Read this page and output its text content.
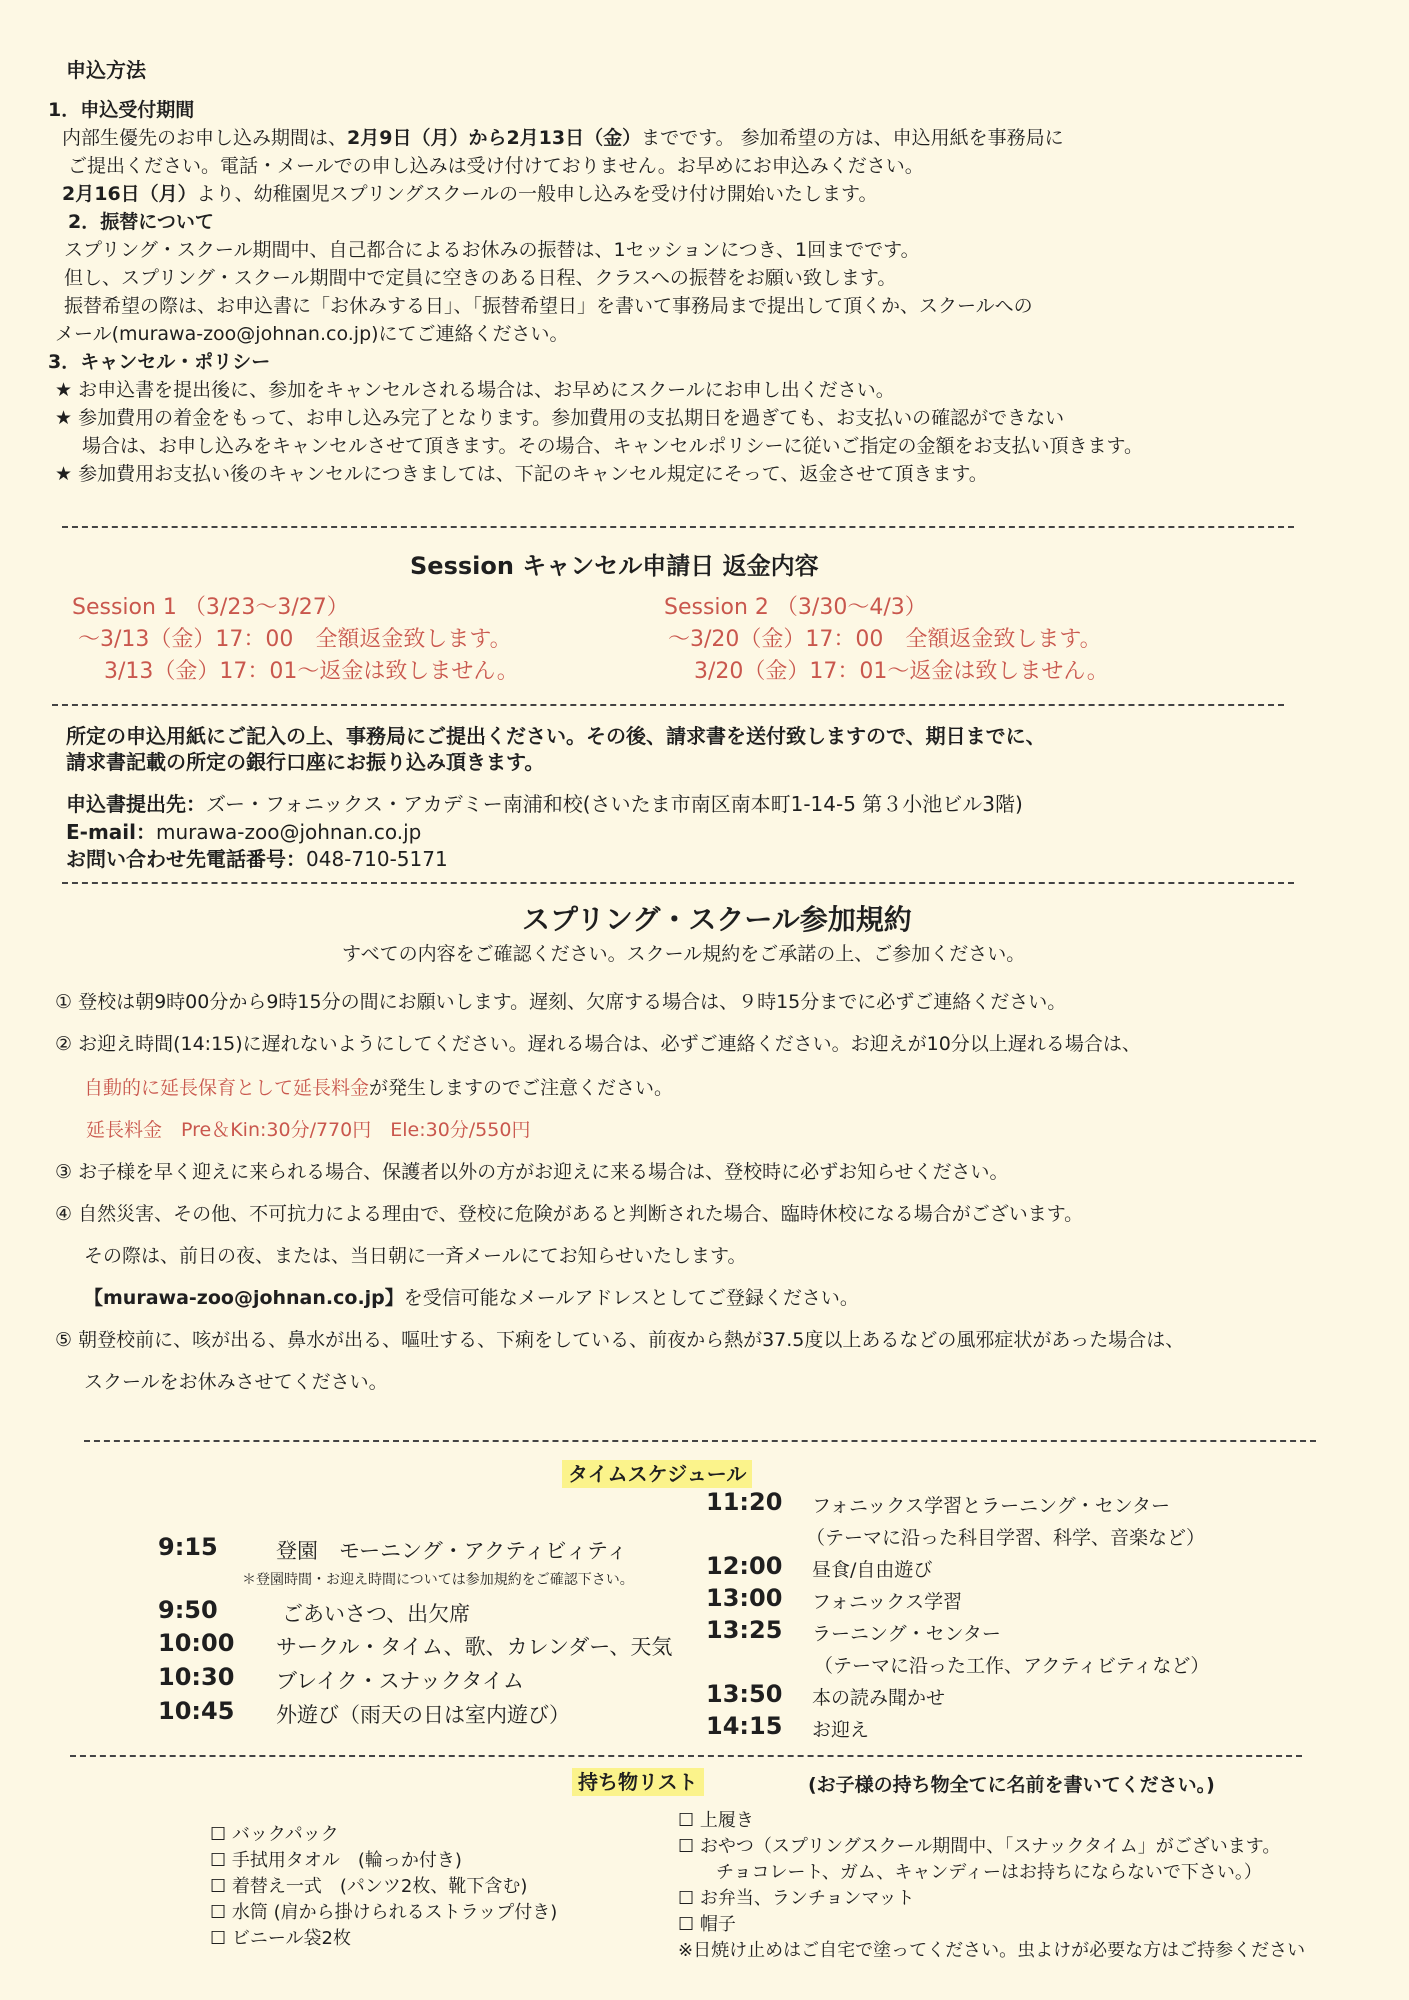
申込方法
1．申込受付期間
内部生優先のお申し込み期間は、2月9日（月）から2月13日（金）までです。 参加希望の方は、申込用紙を事務局に
ご提出ください。電話・メールでの申し込みは受け付けておりません。お早めにお申込みください。
2月16日（月）より、幼稚園児スプリングスクールの一般申し込みを受け付け開始いたします。
2．振替について
スプリング・スクール期間中、自己都合によるお休みの振替は、1セッションにつき、1回までです。
但し、スプリング・スクール期間中で定員に空きのある日程、クラスへの振替をお願い致します。
振替希望の際は、お申込書に「お休みする日」、「振替希望日」を書いて事務局まで提出して頂くか、スクールへの
メール(murawa-zoo@johnan.co.jp)にてご連絡ください。
3．キャンセル・ポリシー
★ お申込書を提出後に、参加をキャンセルされる場合は、お早めにスクールにお申し出ください。
★ 参加費用の着金をもって、お申し込み完了となります。参加費用の支払期日を過ぎても、お支払いの確認ができない
場合は、お申し込みをキャンセルさせて頂きます。その場合、キャンセルポリシーに従いご指定の金額をお支払い頂きます。
★ 参加費用お支払い後のキャンセルにつきましては、下記のキャンセル規定にそって、返金させて頂きます。
Session キャンセル申請日 返金内容
Session 1 （3/23〜3/27）
〜3/13（金）17：00　全額返金致します。
3/13（金）17：01〜返金は致しません。
Session 2 （3/30〜4/3）
〜3/20（金）17：00　全額返金致します。
3/20（金）17：01〜返金は致しません。
所定の申込用紙にご記入の上、事務局にご提出ください。その後、請求書を送付致しますので、期日までに、
請求書記載の所定の銀行口座にお振り込み頂きます。
申込書提出先：ズー・フォニックス・アカデミー南浦和校(さいたま市南区南本町1-14-5 第３小池ビル3階)
E-mail：murawa-zoo@johnan.co.jp
お問い合わせ先電話番号：048-710-5171
スプリング・スクール参加規約
すべての内容をご確認ください。スクール規約をご承諾の上、ご参加ください。
① 登校は朝9時00分から9時15分の間にお願いします。遅刻、欠席する場合は、９時15分までに必ずご連絡ください。
② お迎え時間(14:15)に遅れないようにしてください。遅れる場合は、必ずご連絡ください。お迎えが10分以上遅れる場合は、
自動的に延長保育として延長料金が発生しますのでご注意ください。
延長料金　Pre＆Kin:30分/770円　Ele:30分/550円
③ お子様を早く迎えに来られる場合、保護者以外の方がお迎えに来る場合は、登校時に必ずお知らせください。
④ 自然災害、その他、不可抗力による理由で、登校に危険があると判断された場合、臨時休校になる場合がございます。
その際は、前日の夜、または、当日朝に一斉メールにてお知らせいたします。
【murawa-zoo@johnan.co.jp】を受信可能なメールアドレスとしてご登録ください。
⑤ 朝登校前に、咳が出る、鼻水が出る、嘔吐する、下痢をしている、前夜から熱が37.5度以上あるなどの風邪症状があった場合は、
スクールをお休みさせてください。
タイムスケジュール
9:15	登園　モーニング・アクティビィティ
＊登園時間・お迎え時間については参加規約をご確認下さい。
9:50	ごあいさつ、出欠席
10:00 サークル・タイム、歌、カレンダー、天気
10:30 ブレイク・スナックタイム
10:45 外遊び（雨天の日は室内遊び）
11:20 フォニックス学習とラーニング・センター
（テーマに沿った科目学習、科学、音楽など）
12:00 昼食/自由遊び
13:00 フォニックス学習
13:25 ラーニング・センター
（テーマに沿った工作、アクティビティなど）
13:50 本の読み聞かせ
14:15 お迎え
持ち物リスト	(お子様の持ち物全てに名前を書いてください。)
☐ バックパック
☐ 手拭用タオル　(輪っか付き)
☐ 着替え一式　(パンツ2枚、靴下含む)
☐ 水筒 (肩から掛けられるストラップ付き)
☐ ビニール袋2枚
☐ 上履き
☐ おやつ（スプリングスクール期間中、「スナックタイム」がございます。
チョコレート、ガム、キャンディーはお持ちにならないで下さい。）
☐ お弁当、ランチョンマット
☐ 帽子
※日焼け止めはご自宅で塗ってください。虫よけが必要な方はご持参ください
